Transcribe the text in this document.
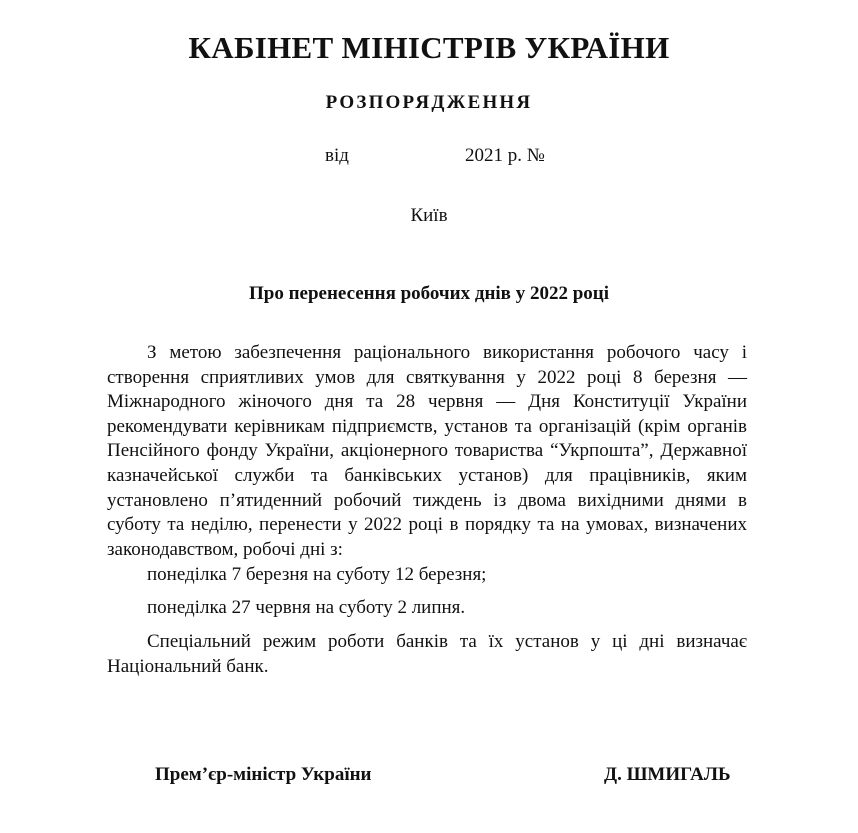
КАБІНЕТ МІНІСТРІВ УКРАЇНИ
РОЗПОРЯДЖЕННЯ

від	2021 р. №

Київ

Про перенесення робочих днів у 2022 році

З метою забезпечення раціонального використання робочого часу і створення сприятливих умов для святкування у 2022 році 8 березня — Міжнародного жіночого дня та 28 червня — Дня Конституції України рекомендувати керівникам підприємств, установ та організацій (крім органів Пенсійного фонду України, акціонерного товариства “Укрпошта”, Державної казначейської служби та банківських установ) для працівників, яким установлено п’ятиденний робочий тиждень із двома вихідними днями в суботу та неділю, перенести у 2022 році в порядку та на умовах, визначених законодавством, робочі дні з:

понеділка 7 березня на суботу 12 березня;

понеділка 27 червня на суботу 2 липня.

Спеціальний режим роботи банків та їх установ у ці дні визначає Національний банк.

Прем’єр-міністр України	Д. ШМИГАЛЬ
